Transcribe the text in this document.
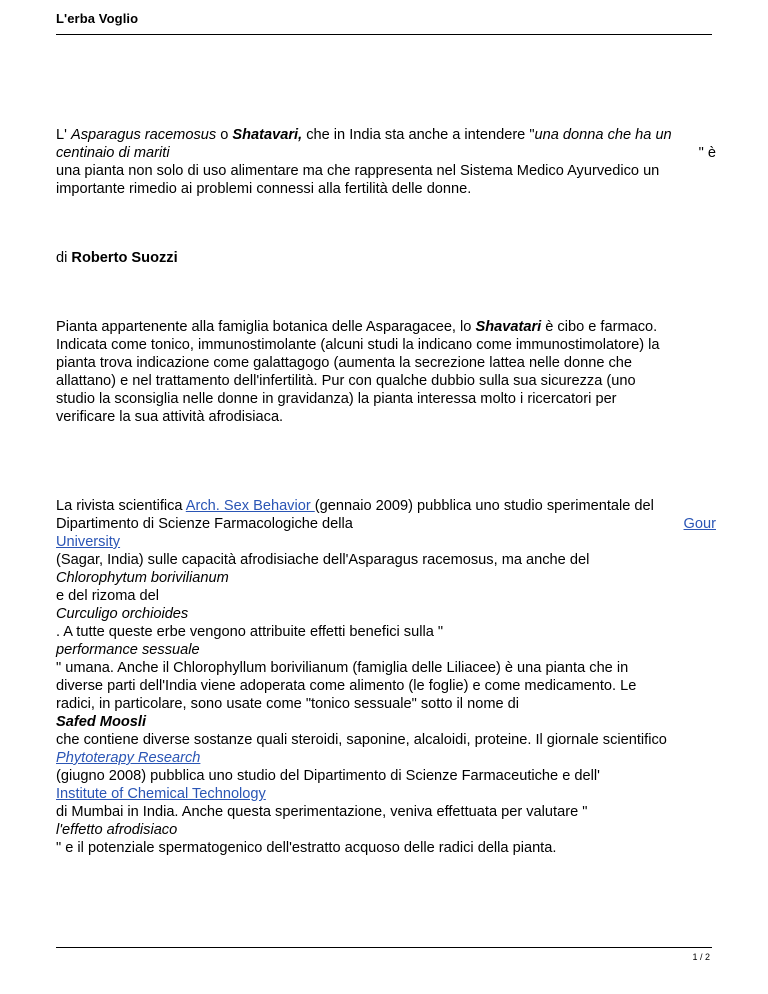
L'erba Voglio
L' Asparagus racemosus o Shatavari, che in India sta anche a intendere "una donna che ha un
centinaio di mariti	" è
una pianta non solo di uso alimentare ma che rappresenta nel Sistema Medico Ayurvedico un
importante rimedio ai problemi connessi alla fertilità delle donne.
di Roberto Suozzi
Pianta appartenente alla famiglia botanica delle Asparagacee, lo Shavatari è cibo e farmaco.
Indicata come tonico, immunostimolante (alcuni studi la indicano come immunostimolatore) la
pianta trova indicazione come galattagogo (aumenta la secrezione lattea nelle donne che
allattano) e nel trattamento dell'infertilità. Pur con qualche dubbio sulla sua sicurezza (uno
studio la sconsiglia nelle donne in gravidanza) la pianta interessa molto i ricercatori per
verificare la sua attività afrodisiaca.
La rivista scientifica Arch. Sex Behavior (gennaio 2009) pubblica uno studio sperimentale del
Dipartimento di Scienze Farmacologiche della	Gour
University
(Sagar, India) sulle capacità afrodisiache dell'Asparagus racemosus, ma anche del
Chlorophytum borivilianum
e del rizoma del
Curculigo orchioides
. A tutte queste erbe vengono attribuite effetti benefici sulla "
performance sessuale
" umana. Anche il Chlorophyllum borivilianum (famiglia delle Liliacee) è una pianta che in
diverse parti dell'India viene adoperata come alimento (le foglie) e come medicamento. Le
radici, in particolare, sono usate come "tonico sessuale" sotto il nome di
Safed Moosli
che contiene diverse sostanze quali steroidi, saponine, alcaloidi, proteine. Il giornale scientifico
Phytoterapy Research
(giugno 2008) pubblica uno studio del Dipartimento di Scienze Farmaceutiche e dell'
Institute of Chemical Technology
di Mumbai in India. Anche questa sperimentazione, veniva effettuata per valutare "
l'effetto afrodisiaco
" e il potenziale spermatogenico dell'estratto acquoso delle radici della pianta.
1 / 2
